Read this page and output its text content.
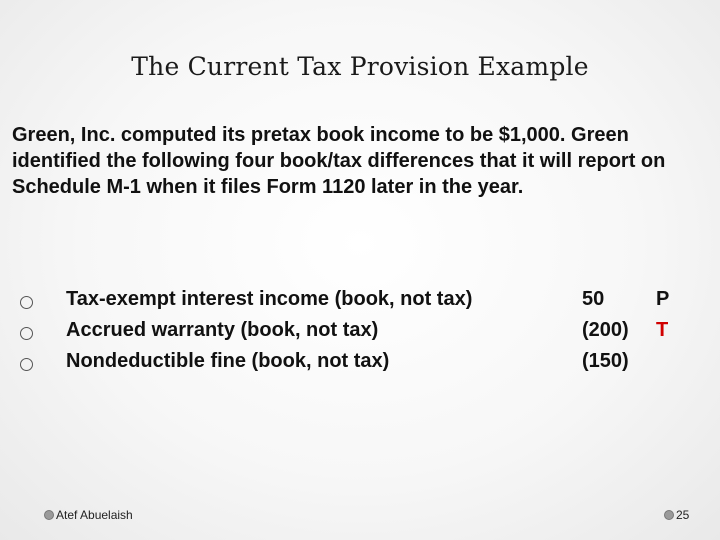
The Current Tax Provision Example
Green, Inc. computed its pretax book income to be $1,000. Green identified the following four book/tax differences that it will report on Schedule M-1 when it files Form 1120 later in the year.
Tax-exempt interest income (book, not tax)	50	P
Accrued warranty (book, not tax)	(200) T
Nondeductible fine (book, not tax)	(150)
Atef Abuelaish	25
